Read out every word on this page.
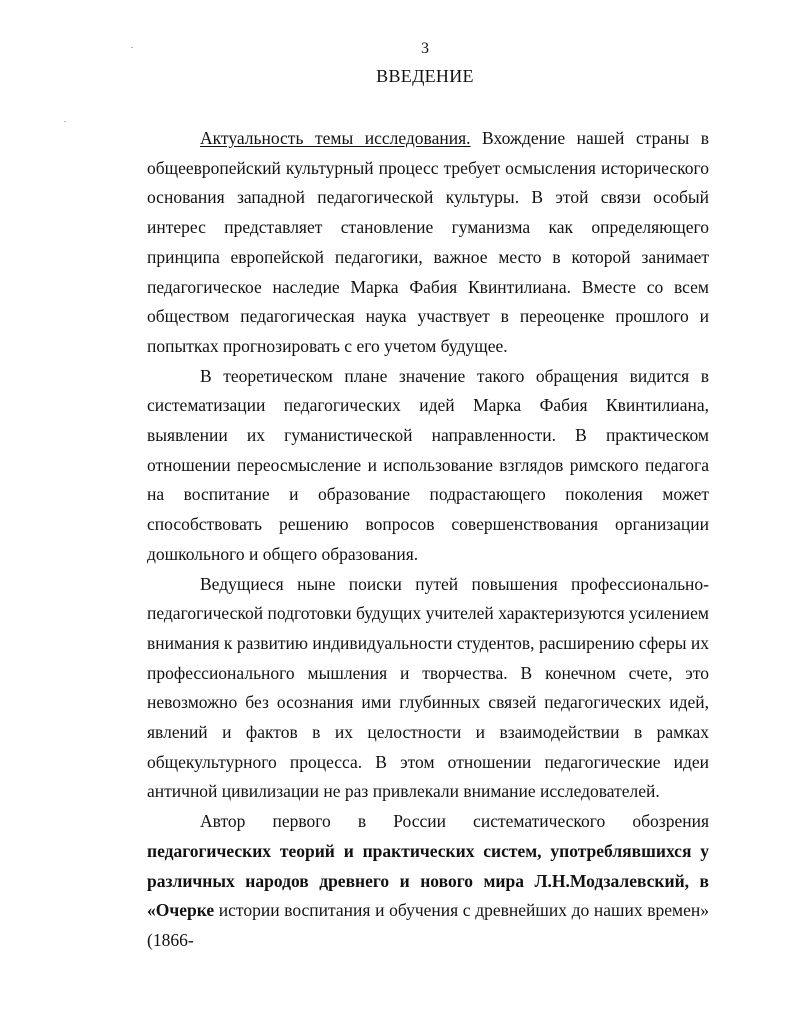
3
ВВЕДЕНИЕ

Актуальность темы исследования. Вхождение нашей страны в общеевропейский культурный процесс требует осмысления исторического основания западной педагогической культуры. В этой связи особый интерес представляет становление гуманизма как определяющего принципа европейской педагогики, важное место в которой занимает педагогическое наследие Марка Фабия Квинтилиана. Вместе со всем обществом педагогическая наука участвует в переоценке прошлого и попытках прогнозировать с его учетом будущее.

В теоретическом плане значение такого обращения видится в систематизации педагогических идей Марка Фабия Квинтилиана, выявлении их гуманистической направленности. В практическом отношении переосмысление и использование взглядов римского педагога на воспитание и образование подрастающего поколения может способствовать решению вопросов совершенствования организации дошкольного и общего образования.

Ведущиеся ныне поиски путей повышения профессионально-педагогической подготовки будущих учителей характеризуются усилением внимания к развитию индивидуальности студентов, расширению сферы их профессионального мышления и творчества. В конечном счете, это невозможно без осознания ими глубинных связей педагогических идей, явлений и фактов в их целостности и взаимодействии в рамках общекультурного процесса. В этом отношении педагогические идеи античной цивилизации не раз привлекали внимание исследователей.

Автор первого в России систематического обозрения педагогических теорий и практических систем, употреблявшихся у различных народов древнего и нового мира Л.Н.Модзалевский, в «Очерке истории воспитания и обучения с древнейших до наших времен» (1866-
